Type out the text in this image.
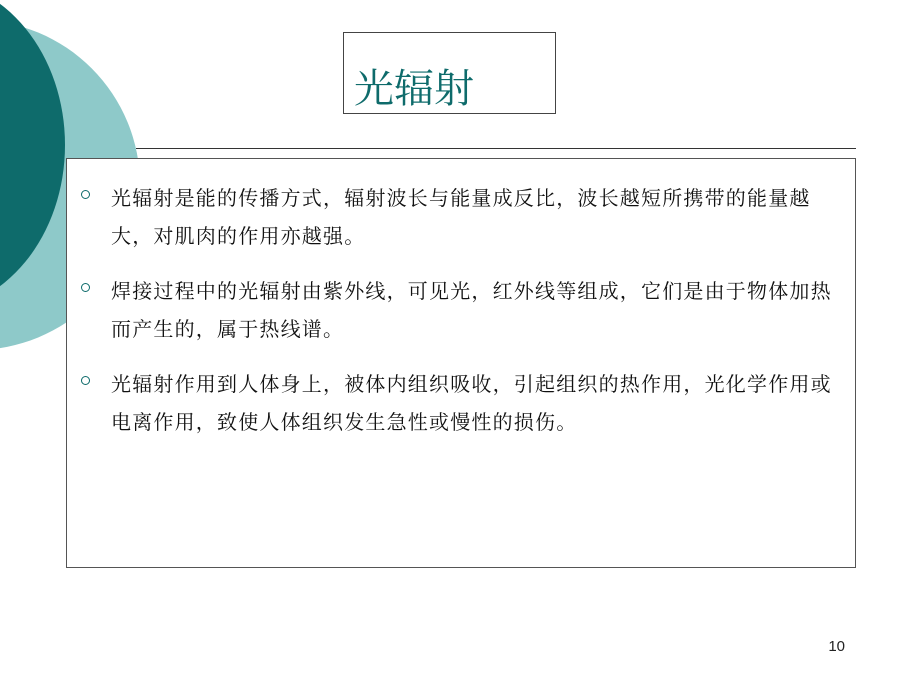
光辐射
光辐射是能的传播方式，辐射波长与能量成反比，波长越短所携带的能量越大，对肌肉的作用亦越强。
焊接过程中的光辐射由紫外线，可见光，红外线等组成，它们是由于物体加热而产生的，属于热线谱。
光辐射作用到人体身上，被体内组织吸收，引起组织的热作用，光化学作用或电离作用，致使人体组织发生急性或慢性的损伤。
10
